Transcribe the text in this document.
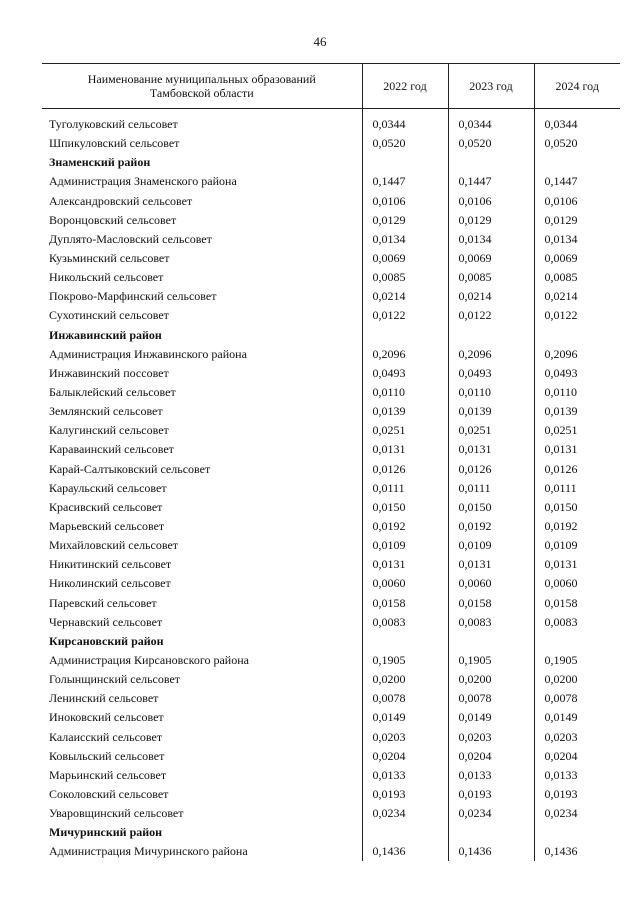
46
Наименование муниципальных образований
Тамбовской области	2022 год	2023 год	2024 год
Туголуковский сельсовет	0,0344	0,0344	0,0344
Шпикуловский сельсовет	0,0520	0,0520	0,0520
Знаменский район			
Администрация Знаменского района	0,1447	0,1447	0,1447
Александровский сельсовет	0,0106	0,0106	0,0106
Воронцовский сельсовет	0,0129	0,0129	0,0129
Дуплято-Масловский сельсовет	0,0134	0,0134	0,0134
Кузьминский сельсовет	0,0069	0,0069	0,0069
Никольский сельсовет	0,0085	0,0085	0,0085
Покрово-Марфинский сельсовет	0,0214	0,0214	0,0214
Сухотинский сельсовет	0,0122	0,0122	0,0122
Инжавинский район			
Администрация Инжавинского района	0,2096	0,2096	0,2096
Инжавинский поссовет	0,0493	0,0493	0,0493
Балыклейский сельсовет	0,0110	0,0110	0,0110
Землянский сельсовет	0,0139	0,0139	0,0139
Калугинский сельсовет	0,0251	0,0251	0,0251
Караваинский сельсовет	0,0131	0,0131	0,0131
Карай-Салтыковский сельсовет	0,0126	0,0126	0,0126
Караульский сельсовет	0,0111	0,0111	0,0111
Красивский сельсовет	0,0150	0,0150	0,0150
Марьевский сельсовет	0,0192	0,0192	0,0192
Михайловский сельсовет	0,0109	0,0109	0,0109
Никитинский сельсовет	0,0131	0,0131	0,0131
Николинский сельсовет	0,0060	0,0060	0,0060
Паревский сельсовет	0,0158	0,0158	0,0158
Чернавский сельсовет	0,0083	0,0083	0,0083
Кирсановский район			
Администрация Кирсановского района	0,1905	0,1905	0,1905
Голынщинский сельсовет	0,0200	0,0200	0,0200
Ленинский сельсовет	0,0078	0,0078	0,0078
Иноковский сельсовет	0,0149	0,0149	0,0149
Калаисский сельсовет	0,0203	0,0203	0,0203
Ковыльский сельсовет	0,0204	0,0204	0,0204
Марьинский сельсовет	0,0133	0,0133	0,0133
Соколовский сельсовет	0,0193	0,0193	0,0193
Уваровщинский сельсовет	0,0234	0,0234	0,0234
Мичуринский район			
Администрация Мичуринского района	0,1436	0,1436	0,1436
